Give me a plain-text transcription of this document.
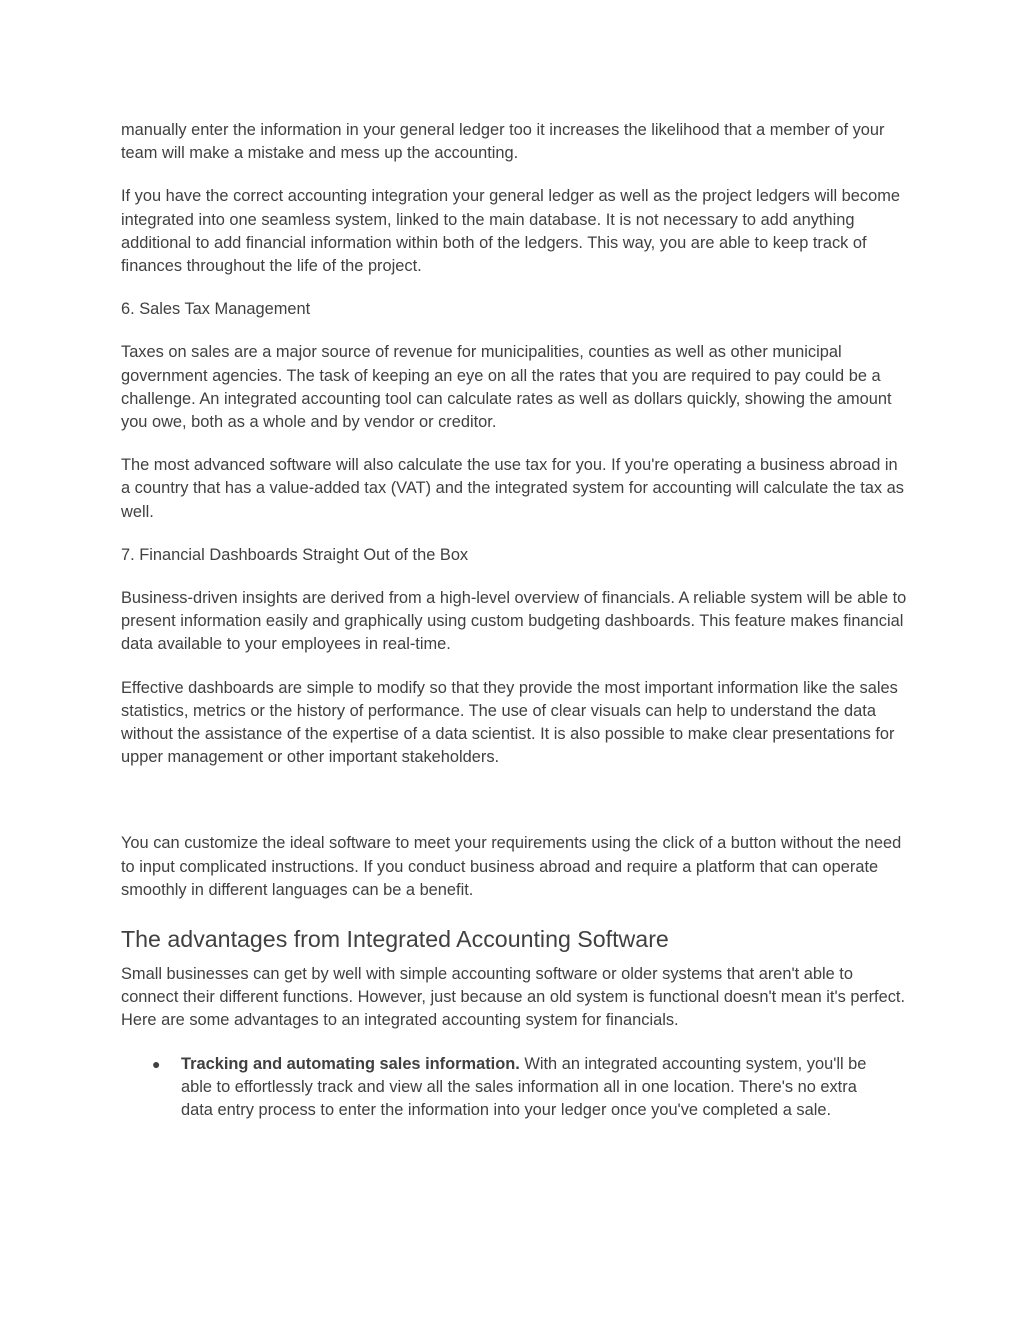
manually enter the information in your general ledger too it increases the likelihood that a member of your team will make a mistake and mess up the accounting.

If you have the correct accounting integration your general ledger as well as the project ledgers will become integrated into one seamless system, linked to the main database. It is not necessary to add anything additional to add financial information within both of the ledgers. This way, you are able to keep track of finances throughout the life of the project.

6. Sales Tax Management

Taxes on sales are a major source of revenue for municipalities, counties as well as other municipal government agencies. The task of keeping an eye on all the rates that you are required to pay could be a challenge. An integrated accounting tool can calculate rates as well as dollars quickly, showing the amount you owe, both as a whole and by vendor or creditor.

The most advanced software will also calculate the use tax for you. If you're operating a business abroad in a country that has a value-added tax (VAT) and the integrated system for accounting will calculate the tax as well.

7. Financial Dashboards Straight Out of the Box

Business-driven insights are derived from a high-level overview of financials. A reliable system will be able to present information easily and graphically using custom budgeting dashboards. This feature makes financial data available to your employees in real-time.

Effective dashboards are simple to modify so that they provide the most important information like the sales statistics, metrics or the history of performance. The use of clear visuals can help to understand the data without the assistance of the expertise of a data scientist. It is also possible to make clear presentations for upper management or other important stakeholders.

You can customize the ideal software to meet your requirements using the click of a button without the need to input complicated instructions. If you conduct business abroad and require a platform that can operate smoothly in different languages can be a benefit.

The advantages from Integrated Accounting Software

Small businesses can get by well with simple accounting software or older systems that aren't able to connect their different functions. However, just because an old system is functional doesn't mean it's perfect. Here are some advantages to an integrated accounting system for financials.

● Tracking and automating sales information. With an integrated accounting system, you'll be able to effortlessly track and view all the sales information all in one location. There's no extra data entry process to enter the information into your ledger once you've completed a sale.
